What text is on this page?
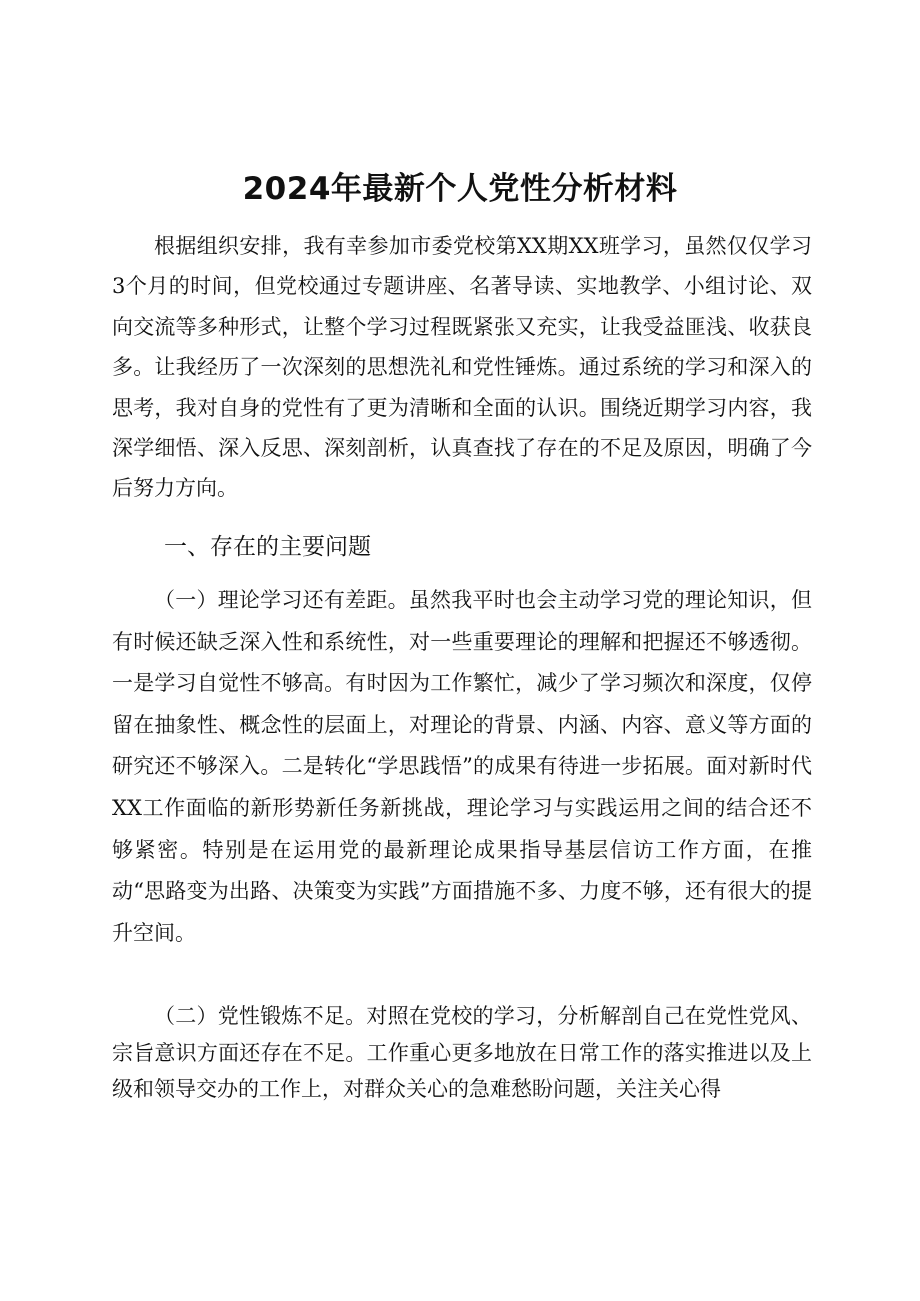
2024年最新个人党性分析材料

根据组织安排，我有幸参加市委党校第XX期XX班学习，虽然仅仅学习3个月的时间，但党校通过专题讲座、名著导读、实地教学、小组讨论、双向交流等多种形式，让整个学习过程既紧张又充实，让我受益匪浅、收获良多。让我经历了一次深刻的思想洗礼和党性锤炼。通过系统的学习和深入的思考，我对自身的党性有了更为清晰和全面的认识。围绕近期学习内容，我深学细悟、深入反思、深刻剖析，认真查找了存在的不足及原因，明确了今后努力方向。

一、存在的主要问题

（一）理论学习还有差距。虽然我平时也会主动学习党的理论知识，但有时候还缺乏深入性和系统性，对一些重要理论的理解和把握还不够透彻。一是学习自觉性不够高。有时因为工作繁忙，减少了学习频次和深度，仅停留在抽象性、概念性的层面上，对理论的背景、内涵、内容、意义等方面的研究还不够深入。二是转化“学思践悟”的成果有待进一步拓展。面对新时代XX工作面临的新形势新任务新挑战，理论学习与实践运用之间的结合还不够紧密。特别是在运用党的最新理论成果指导基层信访工作方面，在推动“思路变为出路、决策变为实践”方面措施不多、力度不够，还有很大的提升空间。

（二）党性锻炼不足。对照在党校的学习，分析解剖自己在党性党风、宗旨意识方面还存在不足。工作重心更多地放在日常工作的落实推进以及上级和领导交办的工作上，对群众关心的急难愁盼问题，关注关心得
